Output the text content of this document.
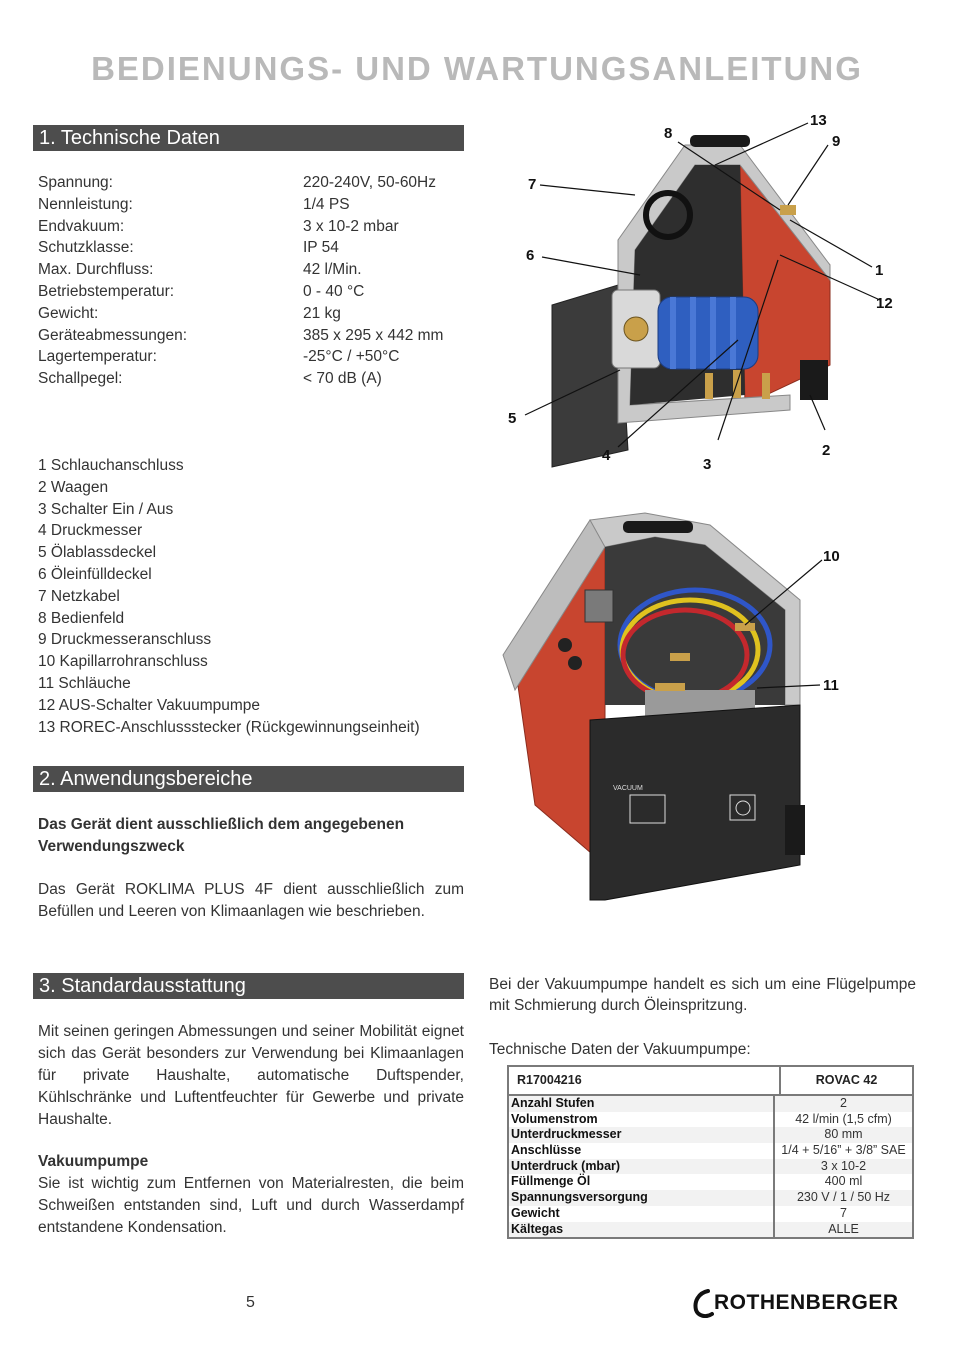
BEDIENUNGS- UND WARTUNGSANLEITUNG
1. Technische Daten
Spannung:	220-240V, 50-60Hz
Nennleistung:	1/4 PS
Endvakuum:	3 x 10-2 mbar
Schutzklasse:	IP 54
Max. Durchfluss:	42 l/Min.
Betriebstemperatur:	0 - 40 °C
Gewicht:	21 kg
Geräteabmessungen:	385 x 295 x 442 mm
Lagertemperatur:	-25°C / +50°C
Schallpegel:	< 70 dB (A)
1 Schlauchanschluss
2 Waagen
3 Schalter Ein / Aus
4 Druckmesser
5 Ölablassdeckel
6 Öleinfülldeckel
7 Netzkabel
8 Bedienfeld
9 Druckmesseranschluss
10 Kapillarrohranschluss
11 Schläuche
12 AUS-Schalter Vakuumpumpe
13 ROREC-Anschlussstecker (Rückgewinnungseinheit)
2. Anwendungsbereiche
Das Gerät dient ausschließlich dem angegebenen Verwendungszweck
Das Gerät ROKLIMA PLUS 4F dient ausschließlich zum Befüllen und Leeren von Klimaanlagen wie beschrieben.
3. Standardausstattung
Mit seinen geringen Abmessungen und seiner Mobilität eignet sich das Gerät besonders zur Verwendung bei Klimaanlagen für private Haushalte, automatische Duftspender, Kühlschränke und Luftentfeuchter für Gewerbe und private Haushalte.
Vakuumpumpe
Sie ist wichtig zum Entfernen von Materialresten, die beim Schweißen entstanden sind, Luft und durch Wasserdampf entstandene Kondensation.
Bei der Vakuumpumpe handelt es sich um eine Flügelpumpe mit Schmierung durch Öleinspritzung.
Technische Daten der Vakuumpumpe:
R17004216	ROVAC 42
Anzahl Stufen	2
Volumenstrom	42 l/min (1,5 cfm)
Unterdruckmesser	80 mm
Anschlüsse	1/4 + 5/16” + 3/8” SAE
Unterdruck (mbar)	3 x 10-2
Füllmenge Öl	400 ml
Spannungsversorgung	230 V / 1 / 50 Hz
Gewicht	7
Kältegas	ALLE
13
8	9
7
6
1
12
5
4
3
2
VACUUM
10
11
5	ROTHENBERGER
